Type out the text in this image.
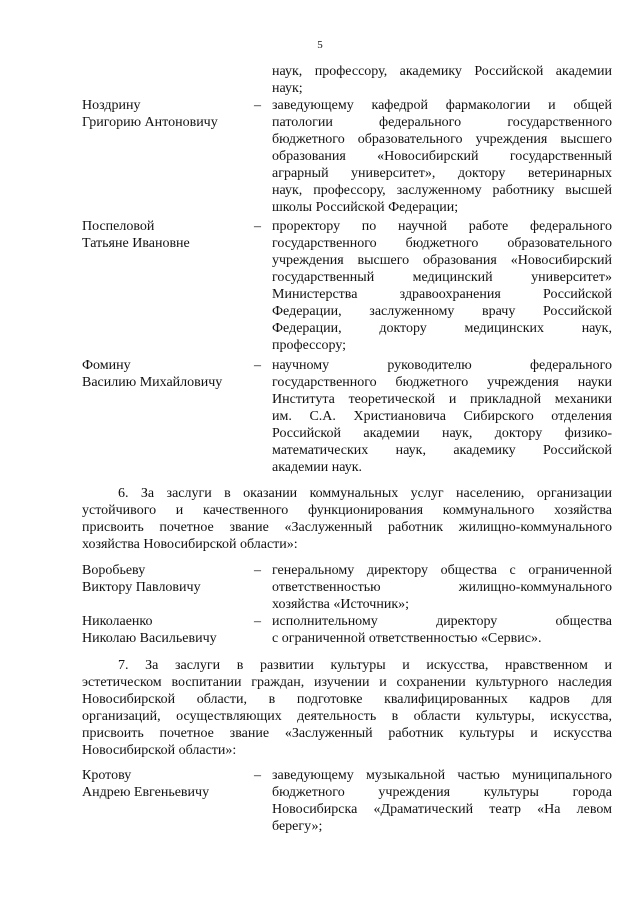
5
наук, профессору, академику Российской академии
наук;
Ноздрину
Григорию Антоновичу
– заведующему кафедрой фармакологии и общей
патологии федерального государственного
бюджетного образовательного учреждения высшего
образования «Новосибирский государственный
аграрный университет», доктору ветеринарных
наук, профессору, заслуженному работнику высшей
школы Российской Федерации;
Поспеловой
Татьяне Ивановне
– проректору по научной работе федерального
государственного бюджетного образовательного
учреждения высшего образования «Новосибирский
государственный медицинский университет»
Министерства здравоохранения Российской
Федерации, заслуженному врачу Российской
Федерации, доктору медицинских наук,
профессору;
Фомину
Василию Михайловичу
– научному руководителю федерального
государственного бюджетного учреждения науки
Института теоретической и прикладной механики
им. С.А. Христиановича Сибирского отделения
Российской академии наук, доктору физико-
математических наук, академику Российской
академии наук.
6. За заслуги в оказании коммунальных услуг населению, организации
устойчивого и качественного функционирования коммунального хозяйства
присвоить почетное звание «Заслуженный работник жилищно-коммунального
хозяйства Новосибирской области»:
Воробьеву
Виктору Павловичу
– генеральному директору общества с ограниченной
ответственностью жилищно-коммунального
хозяйства «Источник»;
Николаенко
Николаю Васильевичу
– исполнительному директору общества
с ограниченной ответственностью «Сервис».
7. За заслуги в развитии культуры и искусства, нравственном и
эстетическом воспитании граждан, изучении и сохранении культурного наследия
Новосибирской области, в подготовке квалифицированных кадров для
организаций, осуществляющих деятельность в области культуры, искусства,
присвоить почетное звание «Заслуженный работник культуры и искусства
Новосибирской области»:
Кротову
Андрею Евгеньевичу
– заведующему музыкальной частью муниципального
бюджетного учреждения культуры города
Новосибирска «Драматический театр «На левом
берегу»;
